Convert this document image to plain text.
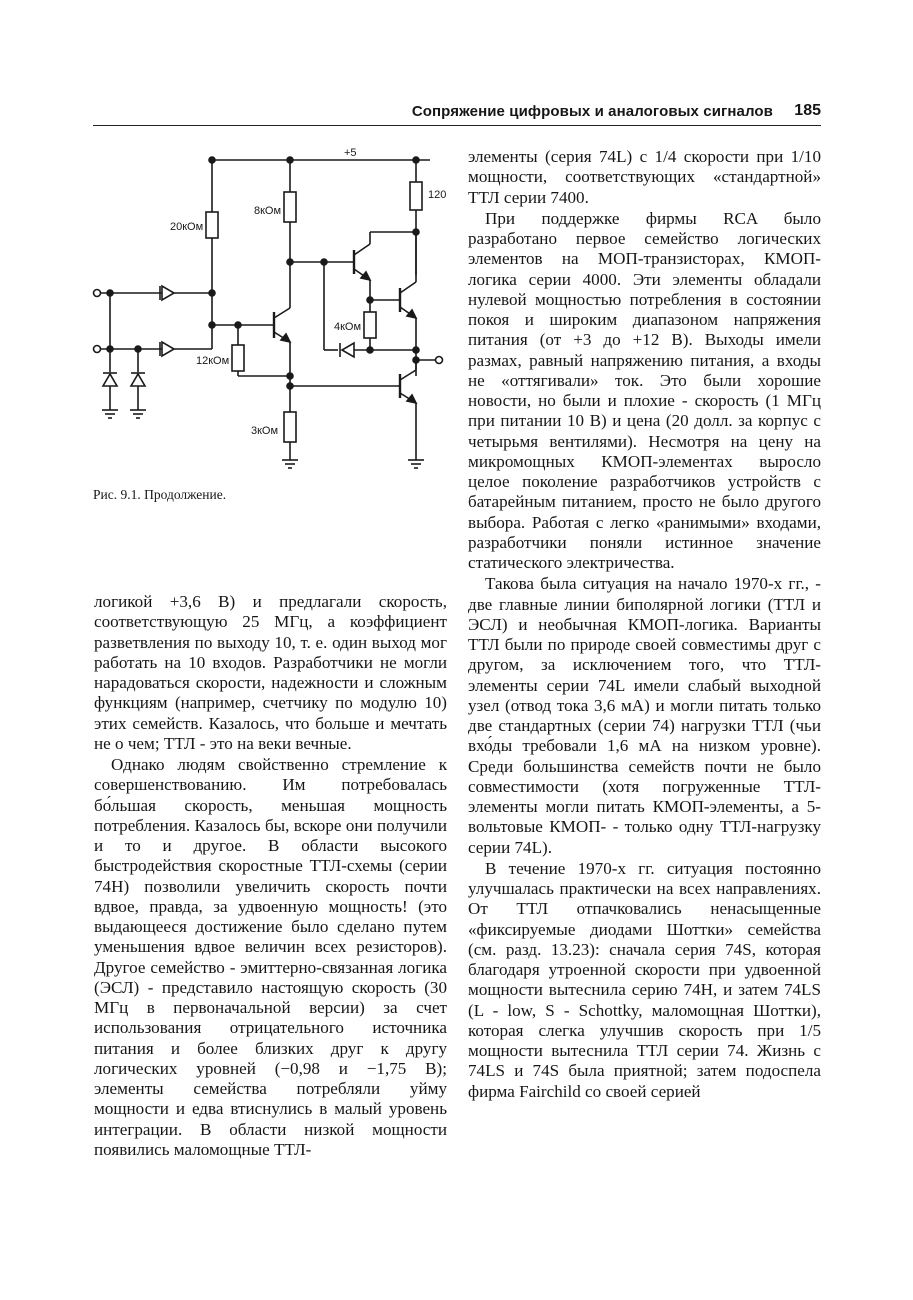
Сопряжение цифровых и аналоговых сигналов 185
+5
20кОм
8кОм
120
12кОм
3кОм
4кОм
Рис. 9.1. Продолжение.

логикой +3,6 В) и предлагали скорость, соответствующую 25 МГц, а коэффициент разветвления по выходу 10, т. е. один выход мог работать на 10 входов. Разработчики не могли нарадоваться скорости, надежности и сложным функциям (например, счетчику по модулю 10) этих семейств. Казалось, что больше и мечтать не о чем; ТТЛ - это на веки вечные.

Однако людям свойственно стремление к совершенствованию. Им потребовалась бо́льшая скорость, меньшая мощность потребления. Казалось бы, вскоре они получили и то и другое. В области высокого быстродействия скоростные ТТЛ-схемы (серии 74Н) позволили увеличить скорость почти вдвое, правда, за удвоенную мощность! (это выдающееся достижение было сделано путем уменьшения вдвое величин всех резисторов). Другое семейство - эмиттерно-связанная логика (ЭСЛ) - представило настоящую скорость (30 МГц в первоначальной версии) за счет использования отрицательного источника питания и более близких друг к другу логических уровней (−0,98 и −1,75 В); элементы семейства потребляли уйму мощности и едва втиснулись в малый уровень интеграции. В области низкой мощности появились маломощные ТТЛ-

элементы (серия 74L) с 1/4 скорости при 1/10 мощности, соответствующих «стандартной» ТТЛ серии 7400.

При поддержке фирмы RCA было разработано первое семейство логических элементов на МОП-транзисторах, КМОП-логика серии 4000. Эти элементы обладали нулевой мощностью потребления в состоянии покоя и широким диапазоном напряжения питания (от +3 до +12 В). Выходы имели размах, равный напряжению питания, а входы не «оттягивали» ток. Это были хорошие новости, но были и плохие - скорость (1 МГц при питании 10 В) и цена (20 долл. за корпус с четырьмя вентилями). Несмотря на цену на микромощных КМОП-элементах выросло целое поколение разработчиков устройств с батарейным питанием, просто не было другого выбора. Работая с легко «ранимыми» входами, разработчики поняли истинное значение статического электричества.

Такова была ситуация на начало 1970-х гг., - две главные линии биполярной логики (ТТЛ и ЭСЛ) и необычная КМОП-логика. Варианты ТТЛ были по природе своей совместимы друг с другом, за исключением того, что ТТЛ-элементы серии 74L имели слабый выходной узел (отвод тока 3,6 мА) и могли питать только две стандартных (серии 74) нагрузки ТТЛ (чьи вхо́ды требовали 1,6 мА на низком уровне). Среди большинства семейств почти не было совместимости (хотя погруженные ТТЛ-элементы могли питать КМОП-элементы, а 5-вольтовые КМОП- - только одну ТТЛ-нагрузку серии 74L).

В течение 1970-х гг. ситуация постоянно улучшалась практически на всех направлениях. От ТТЛ отпачковались ненасыщенные «фиксируемые диодами Шоттки» семейства (см. разд. 13.23): сначала серия 74S, которая благодаря утроенной скорости при удвоенной мощности вытеснила серию 74Н, и затем 74LS (L - low, S - Schottky, маломощная Шоттки), которая слегка улучшив скорость при 1/5 мощности вытеснила ТТЛ серии 74. Жизнь с 74LS и 74S была приятной; затем подоспела фирма Fairchild со своей серией
